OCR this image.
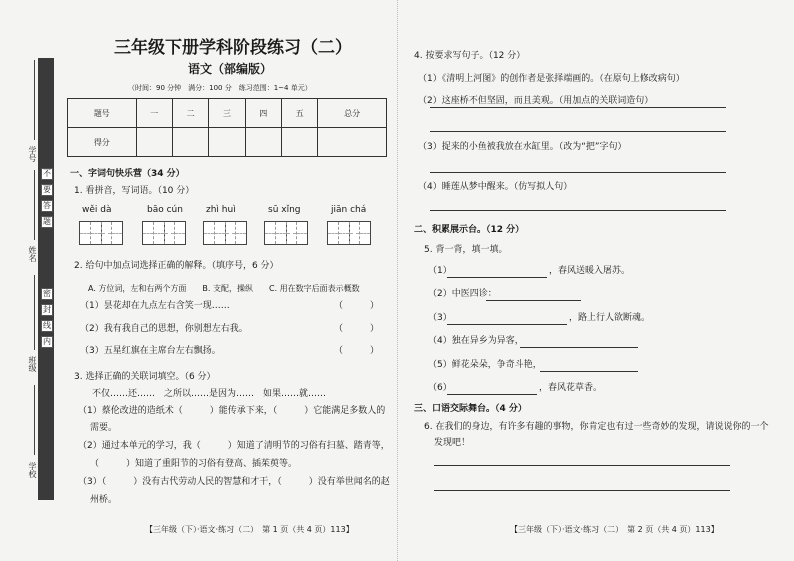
学号
姓名
班级
学校
不
要
答
题
密
封
线
内
三年级下册学科阶段练习（二）
语文（部编版）
（时间：90 分钟　满分：100 分　练习范围：1~4 单元）
题号	一	二	三	四	五	总分
得分						
一、字词句快乐营（34 分）
1. 看拼音，写词语。（10 分）
wěi dà	bāo cún	zhì huì	sū xǐng	jiān chá
2. 给句中加点词选择正确的解释。（填序号，6 分）
A. 方位词，左和右两个方面　　B. 支配，操纵　　C. 用在数字后面表示概数
（1）昙花却在九点左右含笑一现……	（　　　）
（2）我有我自己的思想，你别想左右我。	（　　　）
（3）五星红旗在主席台左右飘扬。	（　　　）
3. 选择正确的关联词填空。（6 分）
不仅……还……　之所以……是因为……　如果……就……
（1）蔡伦改进的造纸术（　　　）能传承下来，（　　　）它能满足多数人的
需要。
（2）通过本单元的学习，我（　　　）知道了清明节的习俗有扫墓、踏青等，
（　　　）知道了重阳节的习俗有登高、插茱萸等。
（3）（　　　）没有古代劳动人民的智慧和才干，（　　　）没有举世闻名的赵
州桥。
【三年级（下）·语文·练习（二）　第 1 页（共 4 页）113】
4. 按要求写句子。（12 分）
（1）《清明上河图》的创作者是张择端画的。（在原句上修改病句）
（2）这座桥不但坚固，而且美观。（用加点的关联词造句）
（3）捉来的小鱼被我放在水缸里。（改为“把”字句）
（4）睡莲从梦中醒来。（仿写拟人句）
二、积累展示台。（12 分）
5. 背一背，填一填。
（1）	，春风送暖入屠苏。
（2）中医四诊：
（3）	，路上行人欲断魂。
（4）独在异乡为异客，
（5）鲜花朵朵，争奇斗艳，
（6）	，春风花草香。
三、口语交际舞台。（4 分）
6. 在我们的身边，有许多有趣的事物，你肯定也有过一些奇妙的发现，请说说你的一个
发现吧！
【三年级（下）·语文·练习（二）　第 2 页（共 4 页）113】
